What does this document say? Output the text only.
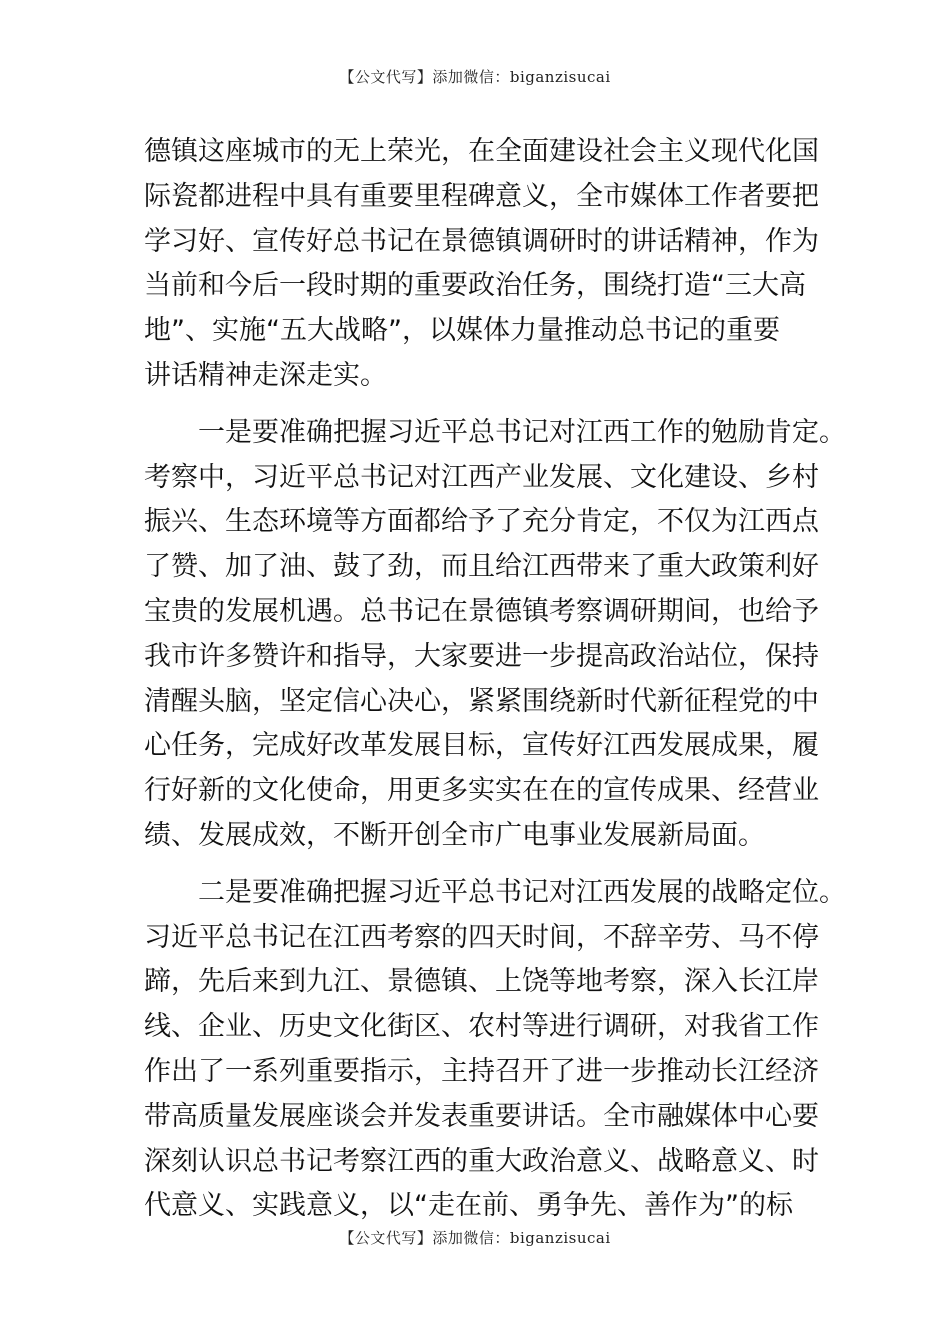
【公文代写】添加微信：biganzisucai
德镇这座城市的无上荣光，在全面建设社会主义现代化国
际瓷都进程中具有重要里程碑意义，全市媒体工作者要把
学习好、宣传好总书记在景德镇调研时的讲话精神，作为
当前和今后一段时期的重要政治任务，围绕打造“三大高
地”、实施“五大战略”，以媒体力量推动总书记的重要
讲话精神走深走实。
　　一是要准确把握习近平总书记对江西工作的勉励肯定。
考察中，习近平总书记对江西产业发展、文化建设、乡村
振兴、生态环境等方面都给予了充分肯定，不仅为江西点
了赞、加了油、鼓了劲，而且给江西带来了重大政策利好
宝贵的发展机遇。总书记在景德镇考察调研期间，也给予
我市许多赞许和指导，大家要进一步提高政治站位，保持
清醒头脑，坚定信心决心，紧紧围绕新时代新征程党的中
心任务，完成好改革发展目标，宣传好江西发展成果，履
行好新的文化使命，用更多实实在在的宣传成果、经营业
绩、发展成效，不断开创全市广电事业发展新局面。
　　二是要准确把握习近平总书记对江西发展的战略定位。
习近平总书记在江西考察的四天时间，不辞辛劳、马不停
蹄，先后来到九江、景德镇、上饶等地考察，深入长江岸
线、企业、历史文化街区、农村等进行调研，对我省工作
作出了一系列重要指示，主持召开了进一步推动长江经济
带高质量发展座谈会并发表重要讲话。全市融媒体中心要
深刻认识总书记考察江西的重大政治意义、战略意义、时
代意义、实践意义，以“走在前、勇争先、善作为”的标
【公文代写】添加微信：biganzisucai
